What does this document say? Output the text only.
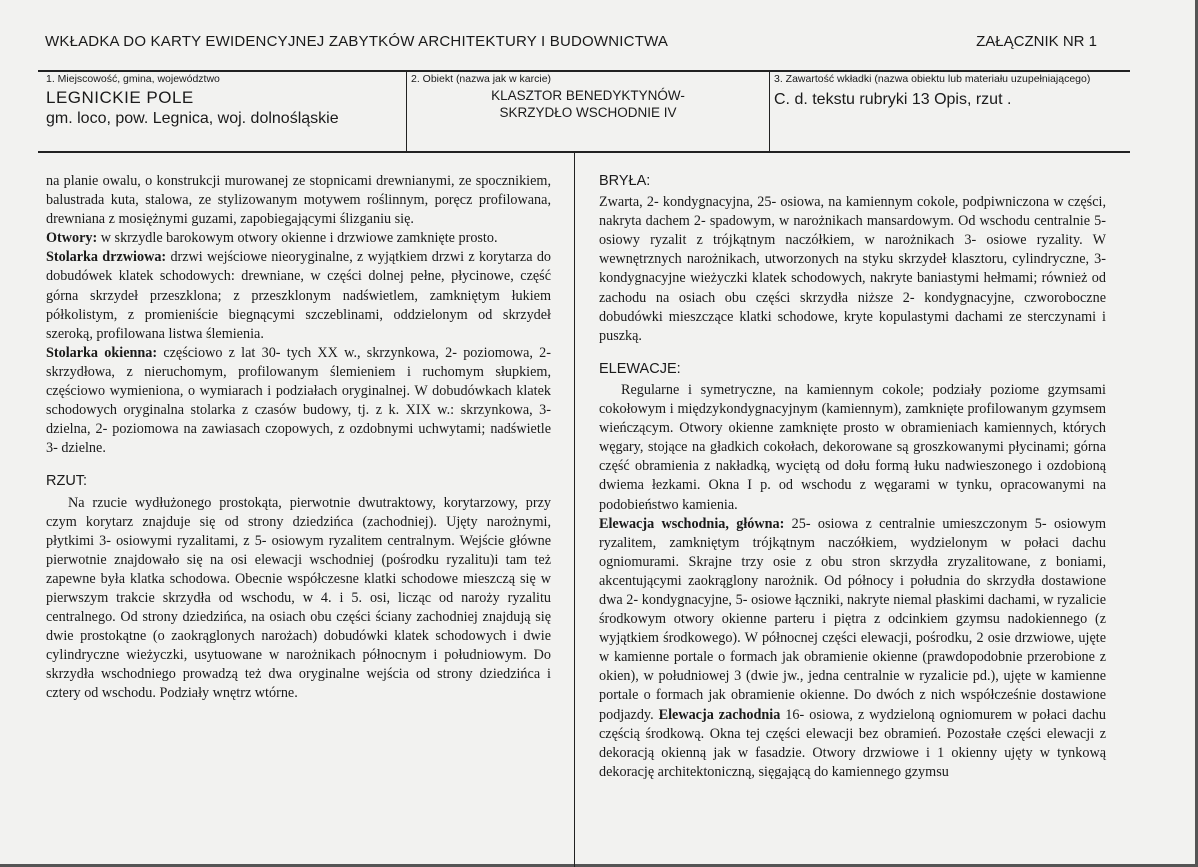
WKŁADKA DO KARTY EWIDENCYJNEJ ZABYTKÓW ARCHITEKTURY I BUDOWNICTWA	ZAŁĄCZNIK NR 1
1. Miejscowość, gmina, województwo
LEGNICKIE POLE
gm. loco, pow. Legnica, woj. dolnośląskie
2. Obiekt (nazwa jak w karcie)
KLASZTOR BENEDYKTYNÓW-
SKRZYDŁO WSCHODNIE IV
3. Zawartość wkładki (nazwa obiektu lub materiału uzupełniającego)
C. d. tekstu rubryki 13 Opis, rzut .

na planie owalu, o konstrukcji murowanej ze stopnicami drewnianymi, ze spocznikiem, balustrada kuta, stalowa, ze stylizowanym motywem roślinnym, poręcz profilowana, drewniana z mosiężnymi guzami, zapobiegającymi ślizganiu się.

Otwory: w skrzydle barokowym otwory okienne i drzwiowe zamknięte prosto.

Stolarka drzwiowa: drzwi wejściowe nieoryginalne, z wyjątkiem drzwi z korytarza do dobudówek klatek schodowych: drewniane, w części dolnej pełne, płycinowe, część górna skrzydeł przeszklona; z przeszklonym nadświetlem, zamkniętym łukiem półkolistym, z promieniście biegnącymi szczeblinami, oddzielonym od skrzydeł szeroką, profilowana listwa ślemienia.

Stolarka okienna: częściowo z lat 30- tych XX w., skrzynkowa, 2- poziomowa, 2- skrzydłowa, z nieruchomym, profilowanym ślemieniem i ruchomym słupkiem, częściowo wymieniona, o wymiarach i podziałach oryginalnej. W dobudówkach klatek schodowych oryginalna stolarka z czasów budowy, tj. z k. XIX w.: skrzynkowa, 3- dzielna, 2- poziomowa na zawiasach czopowych, z ozdobnymi uchwytami; nadświetle 3- dzielne.

RZUT:

Na rzucie wydłużonego prostokąta, pierwotnie dwutraktowy, korytarzowy, przy czym korytarz znajduje się od strony dziedzińca (zachodniej). Ujęty narożnymi, płytkimi 3- osiowymi ryzalitami, z 5- osiowym ryzalitem centralnym. Wejście główne pierwotnie znajdowało się na osi elewacji wschodniej (pośrodku ryzalitu)i tam też zapewne była klatka schodowa. Obecnie współczesne klatki schodowe mieszczą się w pierwszym trakcie skrzydła od wschodu, w 4. i 5. osi, licząc od naroży ryzalitu centralnego. Od strony dziedzińca, na osiach obu części ściany zachodniej znajdują się dwie prostokątne (o zaokrąglonych narożach) dobudówki klatek schodowych i dwie cylindryczne wieżyczki, usytuowane w narożnikach północnym i południowym. Do skrzydła wschodniego prowadzą też dwa oryginalne wejścia od strony dziedzińca i cztery od wschodu. Podziały wnętrz wtórne.

BRYŁA:

Zwarta, 2- kondygnacyjna, 25- osiowa, na kamiennym cokole, podpiwniczona w części, nakryta dachem 2- spadowym, w narożnikach mansardowym. Od wschodu centralnie 5- osiowy ryzalit z trójkątnym naczółkiem, w narożnikach 3- osiowe ryzality. W wewnętrznych narożnikach, utworzonych na styku skrzydeł klasztoru, cylindryczne, 3- kondygnacyjne wieżyczki klatek schodowych, nakryte baniastymi hełmami; również od zachodu na osiach obu części skrzydła niższe 2- kondygnacyjne, czworoboczne dobudówki mieszczące klatki schodowe, kryte kopulastymi dachami ze sterczynami i puszką.

ELEWACJE:

Regularne i symetryczne, na kamiennym cokole; podziały poziome gzymsami cokołowym i międzykondygnacyjnym (kamiennym), zamknięte profilowanym gzymsem wieńczącym. Otwory okienne zamknięte prosto w obramieniach kamiennych, których węgary, stojące na gładkich cokołach, dekorowane są groszkowanymi płycinami; górna część obramienia z nakładką, wyciętą od dołu formą łuku nadwieszonego i ozdobioną dwiema łezkami. Okna I p. od wschodu z węgarami w tynku, opracowanymi na podobieństwo kamienia.

Elewacja wschodnia, główna: 25- osiowa z centralnie umieszczonym 5- osiowym ryzalitem, zamkniętym trójkątnym naczółkiem, wydzielonym w połaci dachu ogniomurami. Skrajne trzy osie z obu stron skrzydła zryzalitowane, z boniami, akcentującymi zaokrąglony narożnik. Od północy i południa do skrzydła dostawione dwa 2- kondygnacyjne, 5- osiowe łączniki, nakryte niemal płaskimi dachami, w ryzalicie środkowym otwory okienne parteru i piętra z odcinkiem gzymsu nadokiennego (z wyjątkiem środkowego). W północnej części elewacji, pośrodku, 2 osie drzwiowe, ujęte w kamienne portale o formach jak obramienie okienne (prawdopodobnie przerobione z okien), w południowej 3 (dwie jw., jedna centralnie w ryzalicie pd.), ujęte w kamienne portale o formach jak obramienie okienne. Do dwóch z nich współcześnie dostawione podjazdy. Elewacja zachodnia 16- osiowa, z wydzieloną ogniomurem w połaci dachu częścią środkową. Okna tej części elewacji bez obramień. Pozostałe części elewacji z dekoracją okienną jak w fasadzie. Otwory drzwiowe i 1 okienny ujęty w tynkową dekorację architektoniczną, sięgającą do kamiennego gzymsu
